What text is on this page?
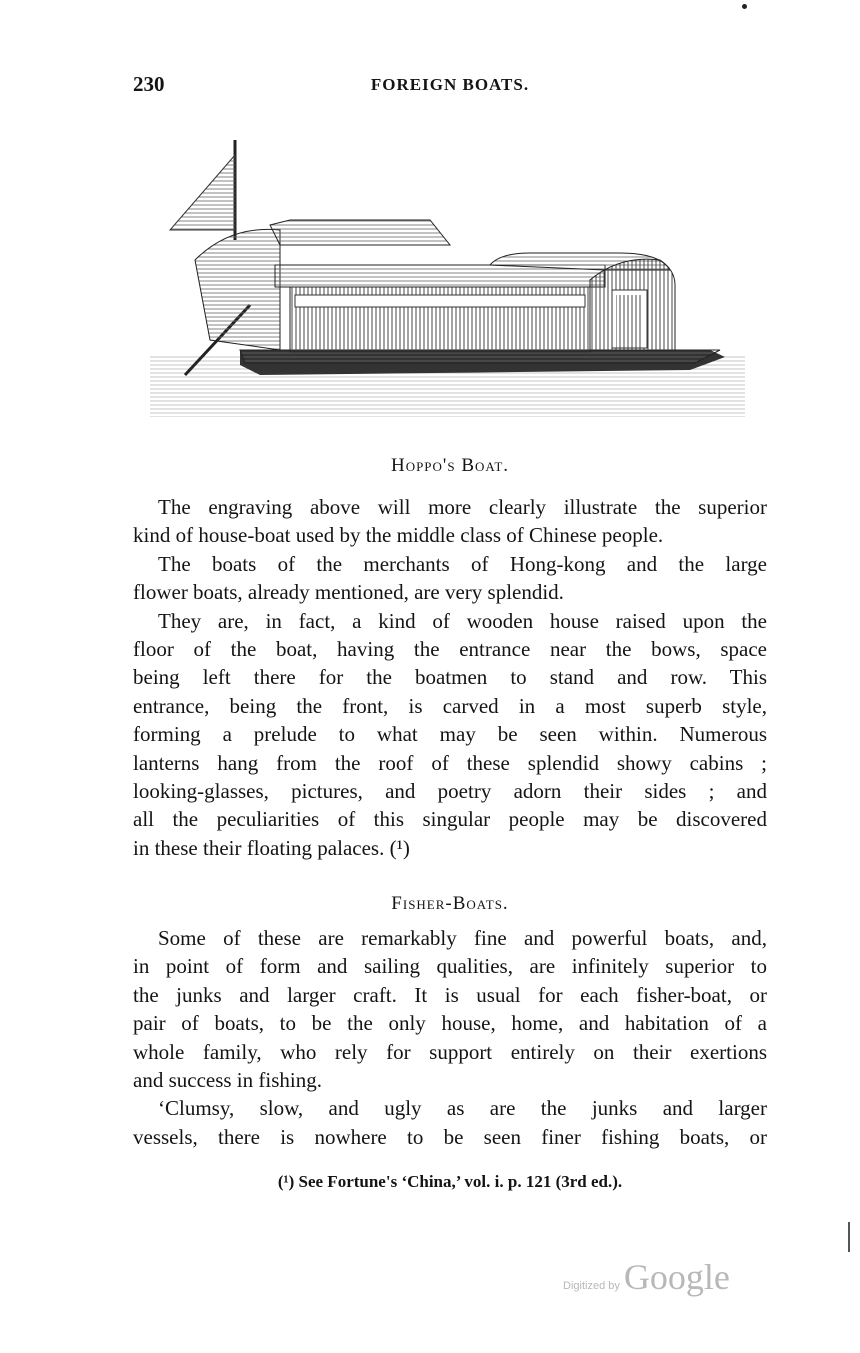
230	FOREIGN BOATS.
Hoppo's Boat.
The engraving above will more clearly illustrate the superior
kind of house-boat used by the middle class of Chinese people.
The boats of the merchants of Hong-kong and the large
flower boats, already mentioned, are very splendid.
They are, in fact, a kind of wooden house raised upon the
floor of the boat, having the entrance near the bows, space
being left there for the boatmen to stand and row. This
entrance, being the front, is carved in a most superb style,
forming a prelude to what may be seen within. Numerous
lanterns hang from the roof of these splendid showy cabins ;
looking-glasses, pictures, and poetry adorn their sides ; and
all the peculiarities of this singular people may be discovered
in these their floating palaces. (¹)
Fisher-Boats.
Some of these are remarkably fine and powerful boats, and,
in point of form and sailing qualities, are infinitely superior to
the junks and larger craft. It is usual for each fisher-boat, or
pair of boats, to be the only house, home, and habitation of a
whole family, who rely for support entirely on their exertions
and success in fishing.
‘Clumsy, slow, and ugly as are the junks and larger
vessels, there is nowhere to be seen finer fishing boats, or
(¹) See Fortune's ‘China,’ vol. i. p. 121 (3rd ed.).
Digitized by Google
